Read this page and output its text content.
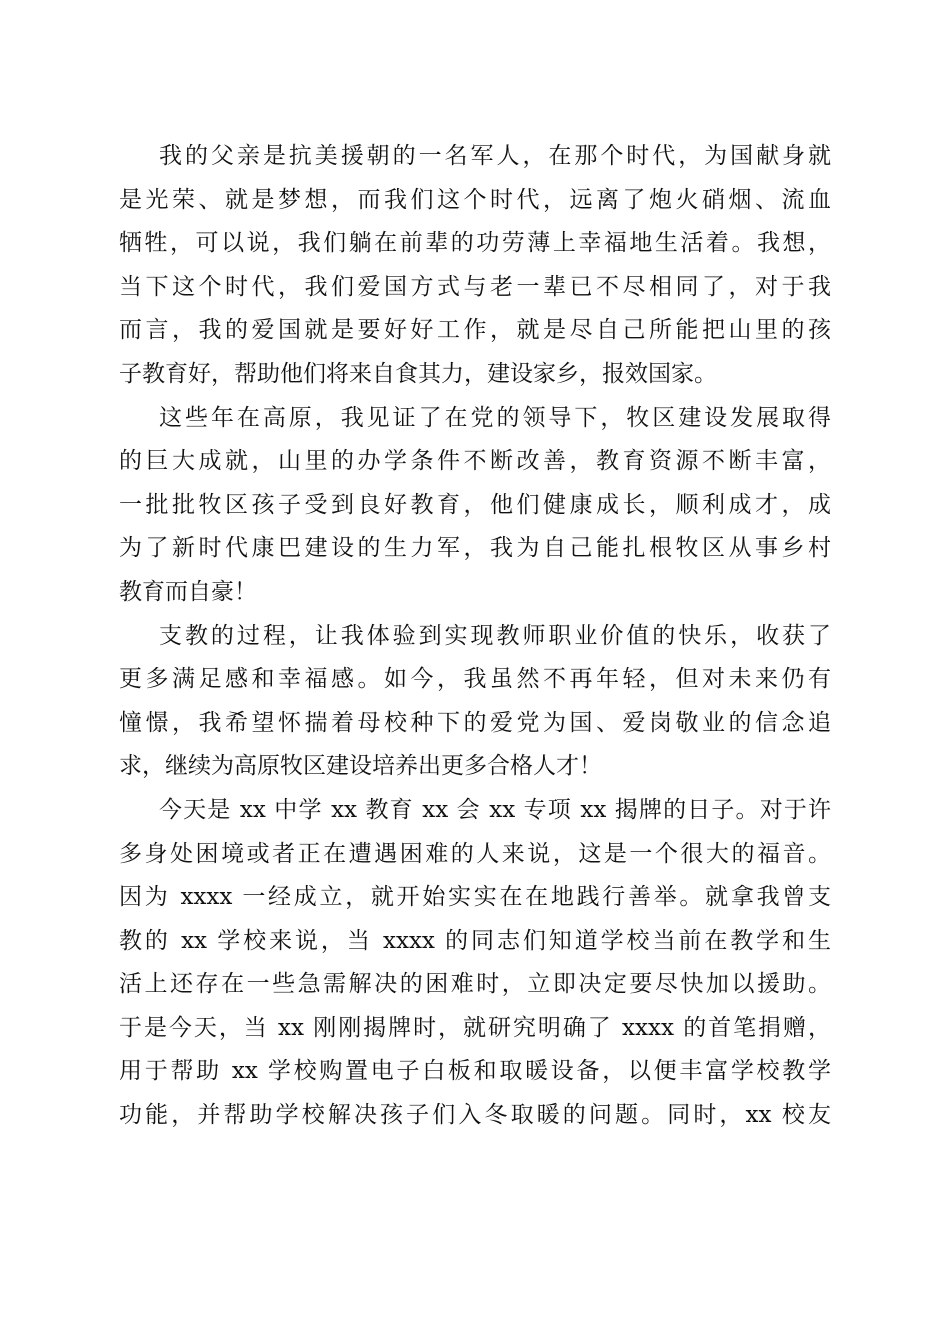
我的父亲是抗美援朝的一名军人，在那个时代，为国献身就
是光荣、就是梦想，而我们这个时代，远离了炮火硝烟、流血
牺牲，可以说，我们躺在前辈的功劳薄上幸福地生活着。我想，
当下这个时代，我们爱国方式与老一辈已不尽相同了，对于我
而言，我的爱国就是要好好工作，就是尽自己所能把山里的孩
子教育好，帮助他们将来自食其力，建设家乡，报效国家。
这些年在高原，我见证了在党的领导下，牧区建设发展取得
的巨大成就，山里的办学条件不断改善，教育资源不断丰富，
一批批牧区孩子受到良好教育，他们健康成长，顺利成才，成
为了新时代康巴建设的生力军，我为自己能扎根牧区从事乡村
教育而自豪！
支教的过程，让我体验到实现教师职业价值的快乐，收获了
更多满足感和幸福感。如今，我虽然不再年轻，但对未来仍有
憧憬，我希望怀揣着母校种下的爱党为国、爱岗敬业的信念追
求，继续为高原牧区建设培养出更多合格人才！
今天是 xx 中学 xx 教育 xx 会 xx 专项 xx 揭牌的日子。对于许
多身处困境或者正在遭遇困难的人来说，这是一个很大的福音。
因为 xxxx 一经成立，就开始实实在在地践行善举。就拿我曾支
教的 xx 学校来说，当 xxxx 的同志们知道学校当前在教学和生
活上还存在一些急需解决的困难时，立即决定要尽快加以援助。
于是今天，当 xx 刚刚揭牌时，就研究明确了 xxxx 的首笔捐赠，
用于帮助 xx 学校购置电子白板和取暖设备，以便丰富学校教学
功能，并帮助学校解决孩子们入冬取暖的问题。同时，xx 校友
